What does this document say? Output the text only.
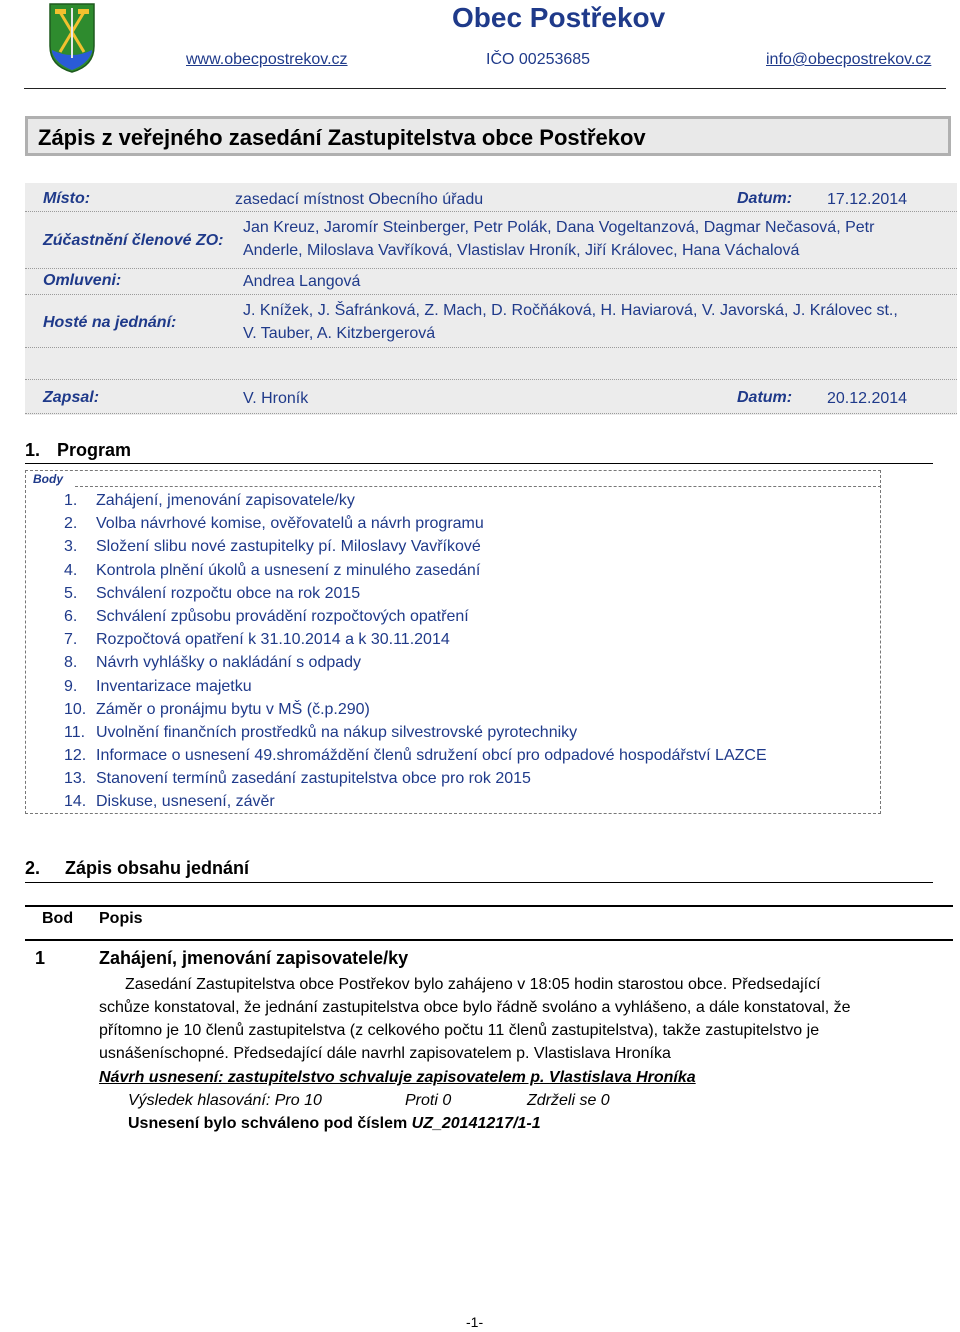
Obec Postřekov
www.obecpostrekov.cz	IČO 00253685	info@obecpostrekov.cz
Zápis z veřejného zasedání Zastupitelstva obce Postřekov
Místo:	zasedací místnost Obecního úřadu	Datum: 17.12.2014
Zúčastnění členové ZO:
Jan Kreuz, Jaromír Steinberger, Petr Polák, Dana Vogeltanzová, Dagmar Nečasová, Petr
Anderle, Miloslava Vavříková, Vlastislav Hroník, Jiří Královec, Hana Váchalová
Omluveni:	Andrea Langová
Hosté na jednání:
J. Knížek, J. Šafránková, Z. Mach, D. Ročňáková, H. Haviarová, V. Javorská, J. Královec st.,
V. Tauber, A. Kitzbergerová
Zapsal:	V. Hroník	Datum: 20.12.2014
1. Program
Body
1. Zahájení, jmenování zapisovatele/ky
2. Volba návrhové komise, ověřovatelů a návrh programu
3. Složení slibu nové zastupitelky pí. Miloslavy Vavříkové
4. Kontrola plnění úkolů a usnesení z minulého zasedání
5. Schválení rozpočtu obce na rok 2015
6. Schválení způsobu provádění rozpočtových opatření
7. Rozpočtová opatření k 31.10.2014 a k 30.11.2014
8. Návrh vyhlášky o nakládání s odpady
9. Inventarizace majetku
10. Záměr o pronájmu bytu v MŠ (č.p.290)
11. Uvolnění finančních prostředků na nákup silvestrovské pyrotechniky
12. Informace o usnesení 49.shromáždění členů sdružení obcí pro odpadové hospodářství LAZCE
13. Stanovení termínů zasedání zastupitelstva obce pro rok 2015
14. Diskuse, usnesení, závěr
2. Zápis obsahu jednání
Bod Popis
1	Zahájení, jmenování zapisovatele/ky
Zasedání Zastupitelstva obce Postřekov bylo zahájeno v 18:05 hodin starostou obce. Předsedající
schůze konstatoval, že jednání zastupitelstva obce bylo řádně svoláno a vyhlášeno, a dále konstatoval, že
přítomno je 10 členů zastupitelstva (z celkového počtu 11 členů zastupitelstva), takže zastupitelstvo je
usnášeníschopné. Předsedající dále navrhl zapisovatelem p. Vlastislava Hroníka
Návrh usnesení: zastupitelstvo schvaluje zapisovatelem p. Vlastislava Hroníka
Výsledek hlasování: Pro 10	Proti 0	Zdrželi se 0
Usnesení bylo schváleno pod číslem UZ_20141217/1-1
-1-
